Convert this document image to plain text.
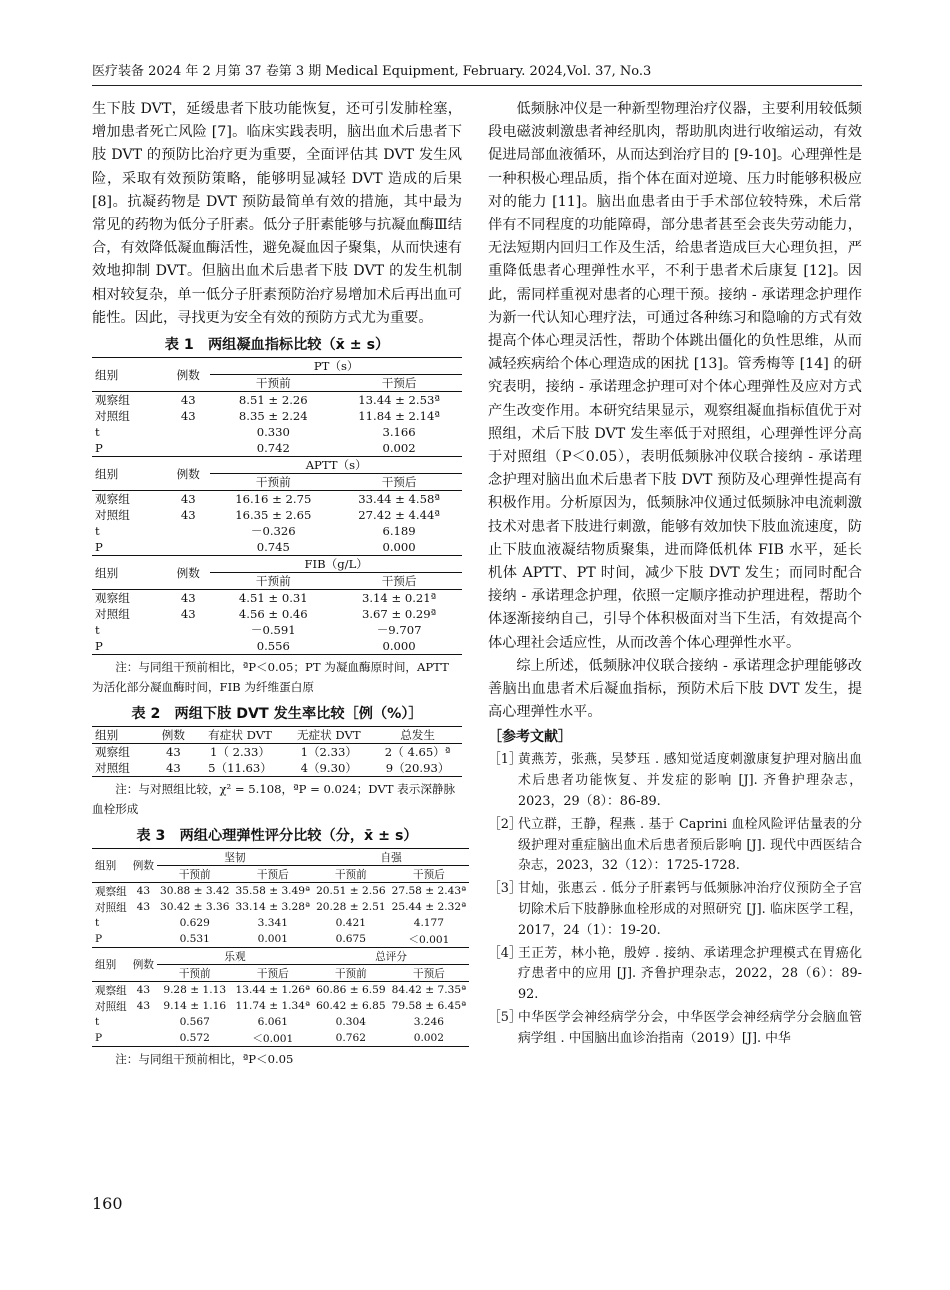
医疗装备 2024 年 2 月第 37 卷第 3 期 Medical Equipment, February. 2024,Vol. 37, No.3

生下肢 DVT，延缓患者下肢功能恢复，还可引发肺栓塞，增加患者死亡风险 [7]。临床实践表明，脑出血术后患者下肢 DVT 的预防比治疗更为重要，全面评估其 DVT 发生风险，采取有效预防策略，能够明显减轻 DVT 造成的后果 [8]。抗凝药物是 DVT 预防最简单有效的措施，其中最为常见的药物为低分子肝素。低分子肝素能够与抗凝血酶Ⅲ结合，有效降低凝血酶活性，避免凝血因子聚集，从而快速有效地抑制 DVT。但脑出血术后患者下肢 DVT 的发生机制相对较复杂，单一低分子肝素预防治疗易增加术后再出血可能性。因此，寻找更为安全有效的预防方式尤为重要。

表 1　两组凝血指标比较（x̄ ± s）
组别	例数	PT（s）	
		干预前	干预后
观察组	43	8.51 ± 2.26	13.44 ± 2.53ª
对照组	43	8.35 ± 2.24	11.84 ± 2.14ª
t		0.330	3.166
P		0.742	0.002
组别	例数	APTT（s）	
		干预前	干预后
观察组	43	16.16 ± 2.75	33.44 ± 4.58ª
对照组	43	16.35 ± 2.65	27.42 ± 4.44ª
t		－0.326	6.189
P		0.745	0.000
组别	例数	FIB（g/L）	
		干预前	干预后
观察组	43	4.51 ± 0.31	3.14 ± 0.21ª
对照组	43	4.56 ± 0.46	3.67 ± 0.29ª
t		－0.591	－9.707
P		0.556	0.000
注：与同组干预前相比，ªP＜0.05；PT 为凝血酶原时间，APTT 为活化部分凝血酶时间，FIB 为纤维蛋白原
表 2　两组下肢 DVT 发生率比较［例（%）］
组别	例数	有症状 DVT	无症状 DVT	总发生
观察组	43	1（ 2.33）	1（2.33）	2（ 4.65）ª
对照组	43	5（11.63）	4（9.30）	9（20.93）
注：与对照组比较，χ² = 5.108，ªP = 0.024；DVT 表示深静脉血栓形成
表 3　两组心理弹性评分比较（分，x̄ ± s）
组别	例数	坚韧		自强	
		干预前	干预后	干预前	干预后
观察组	43	30.88 ± 3.42	35.58 ± 3.49ª	20.51 ± 2.56	27.58 ± 2.43ª
对照组	43	30.42 ± 3.36	33.14 ± 3.28ª	20.28 ± 2.51	25.44 ± 2.32ª
t		0.629	3.341	0.421	4.177
P		0.531	0.001	0.675	＜0.001
组别	例数	乐观		总评分	
		干预前	干预后	干预前	干预后
观察组	43	9.28 ± 1.13	13.44 ± 1.26ª	60.86 ± 6.59	84.42 ± 7.35ª
对照组	43	9.14 ± 1.16	11.74 ± 1.34ª	60.42 ± 6.85	79.58 ± 6.45ª
t		0.567	6.061	0.304	3.246
P		0.572	＜0.001	0.762	0.002
注：与同组干预前相比，ªP＜0.05

低频脉冲仪是一种新型物理治疗仪器，主要利用较低频段电磁波刺激患者神经肌肉，帮助肌肉进行收缩运动，有效促进局部血液循环，从而达到治疗目的 [9-10]。心理弹性是一种积极心理品质，指个体在面对逆境、压力时能够积极应对的能力 [11]。脑出血患者由于手术部位较特殊，术后常伴有不同程度的功能障碍，部分患者甚至会丧失劳动能力，无法短期内回归工作及生活，给患者造成巨大心理负担，严重降低患者心理弹性水平，不利于患者术后康复 [12]。因此，需同样重视对患者的心理干预。接纳 - 承诺理念护理作为新一代认知心理疗法，可通过各种练习和隐喻的方式有效提高个体心理灵活性，帮助个体跳出僵化的负性思维，从而减轻疾病给个体心理造成的困扰 [13]。管秀梅等 [14] 的研究表明，接纳 - 承诺理念护理可对个体心理弹性及应对方式产生改变作用。本研究结果显示，观察组凝血指标值优于对照组，术后下肢 DVT 发生率低于对照组，心理弹性评分高于对照组（P＜0.05），表明低频脉冲仪联合接纳 - 承诺理念护理对脑出血术后患者下肢 DVT 预防及心理弹性提高有积极作用。分析原因为，低频脉冲仪通过低频脉冲电流刺激技术对患者下肢进行刺激，能够有效加快下肢血流速度，防止下肢血液凝结物质聚集，进而降低机体 FIB 水平，延长机体 APTT、PT 时间，减少下肢 DVT 发生；而同时配合接纳 - 承诺理念护理，依照一定顺序推动护理进程，帮助个体逐渐接纳自己，引导个体积极面对当下生活，有效提高个体心理社会适应性，从而改善个体心理弹性水平。

综上所述，低频脉冲仪联合接纳 - 承诺理念护理能够改善脑出血患者术后凝血指标，预防术后下肢 DVT 发生，提高心理弹性水平。

［参考文献］
［1］
黄燕芳，张燕，吴梦珏 . 感知觉适度刺激康复护理对脑出血术后患者功能恢复、并发症的影响 [J]. 齐鲁护理杂志，2023，29（8）：86-89.
［2］
代立群，王静，程燕 . 基于 Caprini 血栓风险评估量表的分级护理对重症脑出血术后患者预后影响 [J]. 现代中西医结合杂志，2023，32（12）：1725-1728.
［3］
甘灿，张惠云 . 低分子肝素钙与低频脉冲治疗仪预防全子宫切除术后下肢静脉血栓形成的对照研究 [J]. 临床医学工程，2017，24（1）：19-20.
［4］
王正芳，林小艳，殷婷 . 接纳、承诺理念护理模式在胃癌化疗患者中的应用 [J]. 齐鲁护理杂志，2022，28（6）：89-92.
［5］
中华医学会神经病学分会，中华医学会神经病学分会脑血管病学组 . 中国脑出血诊治指南（2019）[J]. 中华
160
